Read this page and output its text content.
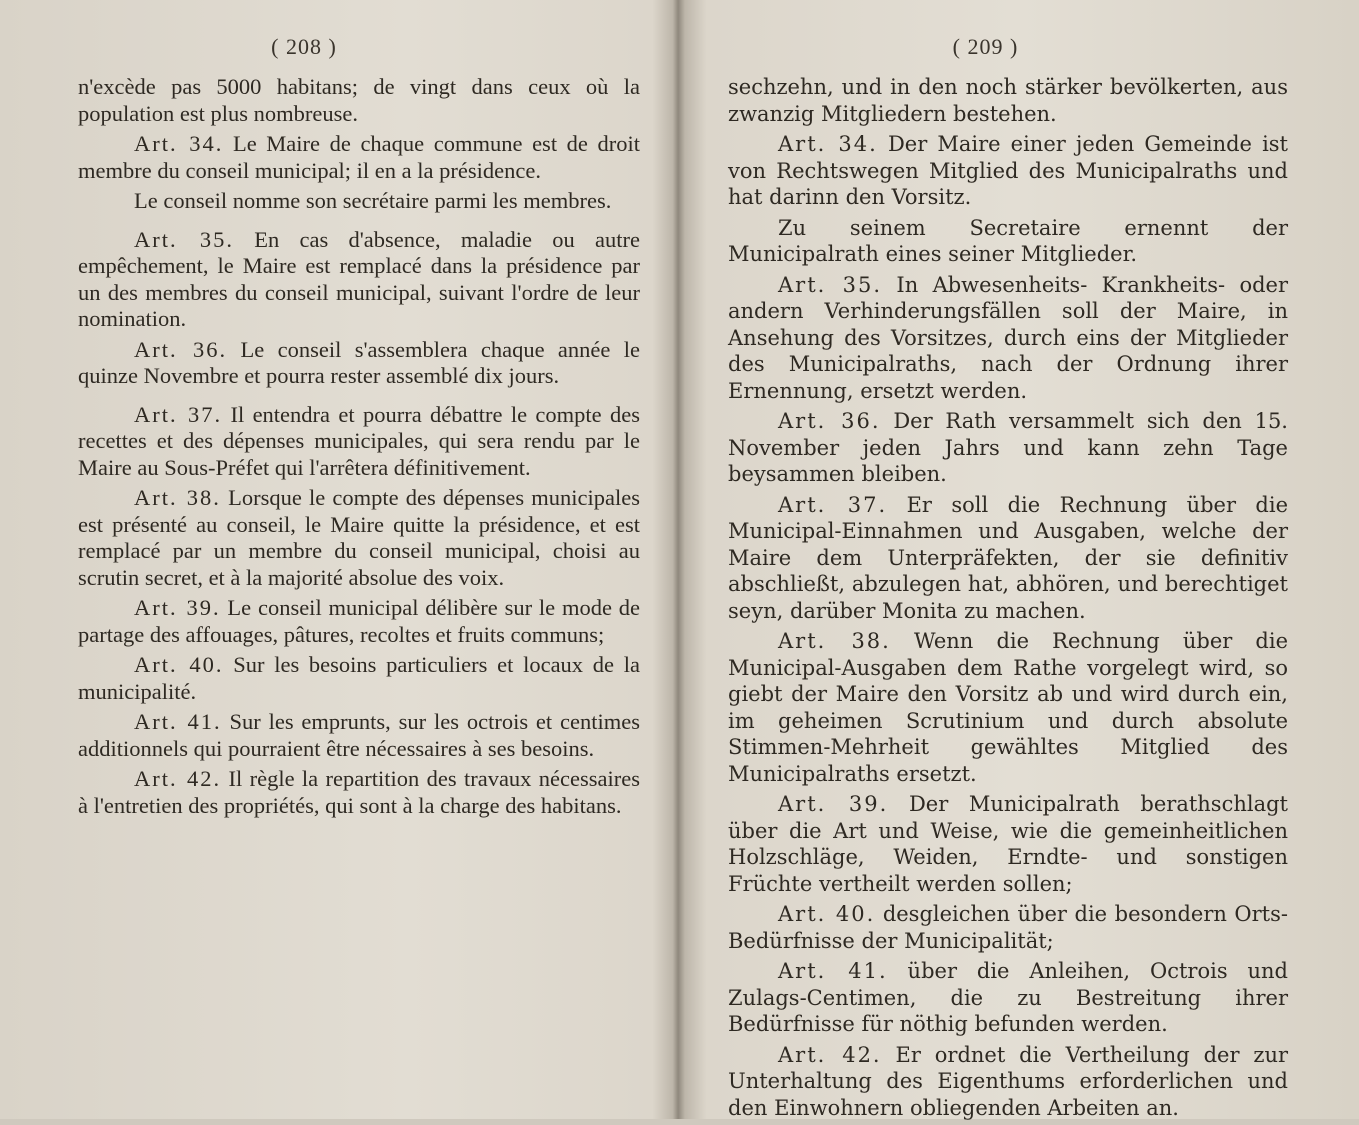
( 208 )

n'excède pas 5000 habitans; de vingt dans ceux où la population est plus nombreuse.

Art. 34. Le Maire de chaque commune est de droit membre du conseil municipal; il en a la présidence.

Le conseil nomme son secrétaire parmi les membres.

Art. 35. En cas d'absence, maladie ou autre empêchement, le Maire est remplacé dans la présidence par un des membres du conseil municipal, suivant l'ordre de leur nomination.

Art. 36. Le conseil s'assemblera chaque année le quinze Novembre et pourra rester assemblé dix jours.

Art. 37. Il entendra et pourra débattre le compte des recettes et des dépenses municipales, qui sera rendu par le Maire au Sous-Préfet qui l'arrêtera définitivement.

Art. 38. Lorsque le compte des dépenses municipales est présenté au conseil, le Maire quitte la présidence, et est remplacé par un membre du conseil municipal, choisi au scrutin secret, et à la majorité absolue des voix.

Art. 39. Le conseil municipal délibère sur le mode de partage des affouages, pâtures, recoltes et fruits communs;

Art. 40. Sur les besoins particuliers et locaux de la municipalité.

Art. 41. Sur les emprunts, sur les octrois et centimes additionnels qui pourraient être nécessaires à ses besoins.

Art. 42. Il règle la repartition des travaux nécessaires à l'entretien des propriétés, qui sont à la charge des habitans.

( 209 )

sechzehn, und in den noch stärker bevölkerten, aus zwanzig Mitgliedern bestehen.

Art. 34. Der Maire einer jeden Gemeinde ist von Rechtswegen Mitglied des Municipalraths und hat darinn den Vorsitz.

Zu seinem Secretaire ernennt der Municipalrath eines seiner Mitglieder.

Art. 35. In Abwesenheits- Krankheits- oder andern Verhinderungsfällen soll der Maire, in Ansehung des Vorsitzes, durch eins der Mitglieder des Municipalraths, nach der Ordnung ihrer Ernennung, ersetzt werden.

Art. 36. Der Rath versammelt sich den 15. November jeden Jahrs und kann zehn Tage beysammen bleiben.

Art. 37. Er soll die Rechnung über die Municipal-Einnahmen und Ausgaben, welche der Maire dem Unterpräfekten, der sie definitiv abschließt, abzulegen hat, abhören, und berechtiget seyn, darüber Monita zu machen.

Art. 38. Wenn die Rechnung über die Municipal-Ausgaben dem Rathe vorgelegt wird, so giebt der Maire den Vorsitz ab und wird durch ein, im geheimen Scrutinium und durch absolute Stimmen-Mehrheit gewähltes Mitglied des Municipalraths ersetzt.

Art. 39. Der Municipalrath berathschlagt über die Art und Weise, wie die gemeinheitlichen Holzschläge, Weiden, Erndte- und sonstigen Früchte vertheilt werden sollen;

Art. 40. desgleichen über die besondern Orts-Bedürfnisse der Municipalität;

Art. 41. über die Anleihen, Octrois und Zulags-Centimen, die zu Bestreitung ihrer Bedürfnisse für nöthig befunden werden.

Art. 42. Er ordnet die Vertheilung der zur Unterhaltung des Eigenthums erforderlichen und den Einwohnern obliegenden Arbeiten an.
